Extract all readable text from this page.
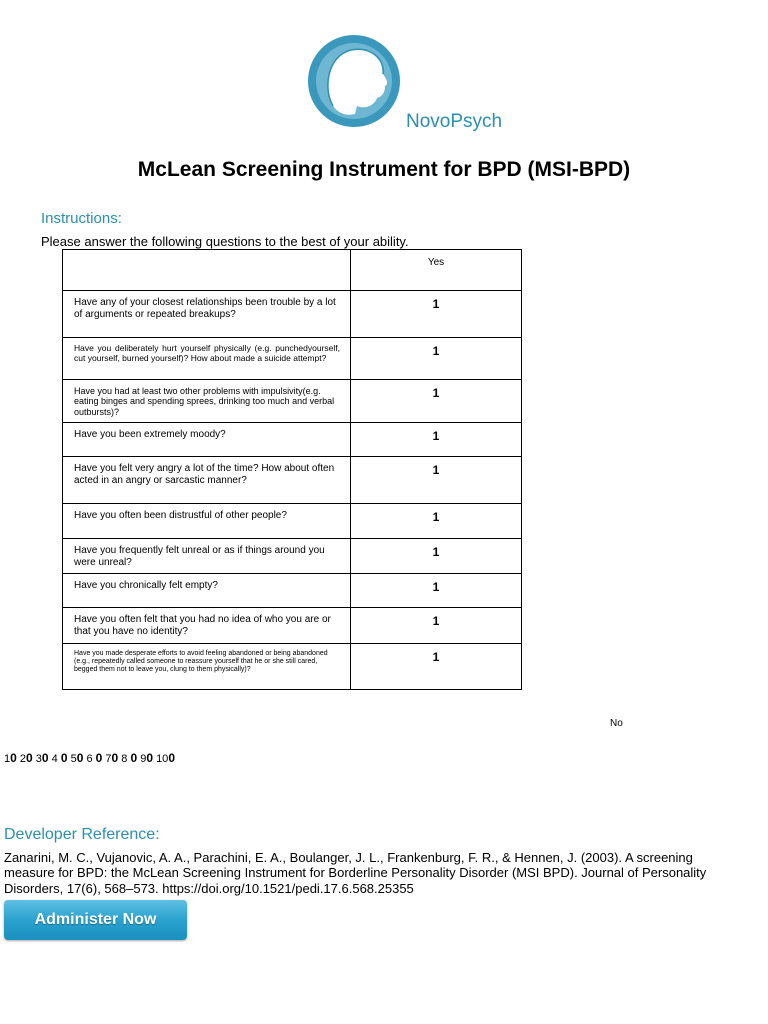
NovoPsych
McLean Screening Instrument for BPD (MSI-BPD)
Instructions:
Please answer the following questions to the best of your ability.
	Yes
Have any of your closest relationships been trouble by a lot of arguments or repeated breakups?	1
Have you deliberately hurt yourself physically (e.g. punchedyourself, cut yourself, burned yourself)? How about made a suicide attempt?	1
Have you had at least two other problems with impulsivity(e.g. eating binges and spending sprees, drinking too much and verbal outbursts)?	1
Have you been extremely moody?	1
Have you felt very angry a lot of the time? How about often acted in an angry or sarcastic manner?	1
Have you often been distrustful of other people?	1
Have you frequently felt unreal or as if things around you were unreal?	1
Have you chronically felt empty?	1
Have you often felt that you had no idea of who you are or that you have no identity?	1
Have you made desperate efforts to avoid feeling abandoned or being abandoned (e.g., repeatedly called someone to reassure yourself that he or she still cared, begged them not to leave you, clung to them physically)?	1
No
10 20 30 4 0 50 6 0 70 8 0 90 100
Developer Reference:
Zanarini, M. C., Vujanovic, A. A., Parachini, E. A., Boulanger, J. L., Frankenburg, F. R., & Hennen, J. (2003). A screening measure for BPD: the McLean Screening Instrument for Borderline Personality Disorder (MSI BPD). Journal of Personality Disorders, 17(6), 568–573. https://doi.org/10.1521/pedi.17.6.568.25355
Administer Now
